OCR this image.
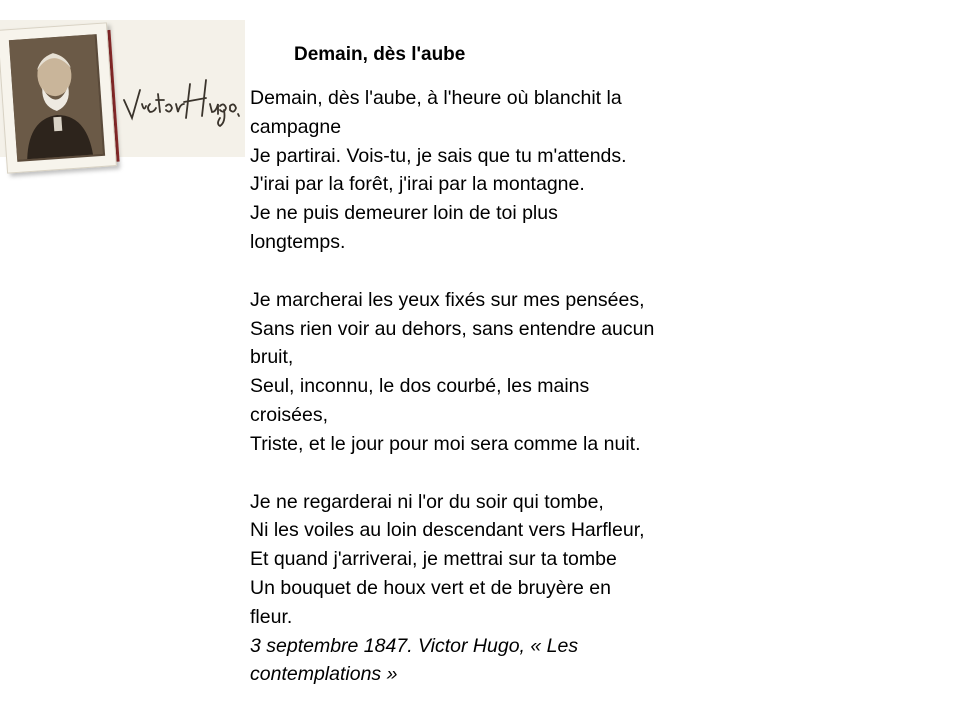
Demain, dès l'aube
Demain, dès l'aube, à l'heure où blanchit la
campagne
Je partirai. Vois-tu, je sais que tu m'attends.
J'irai par la forêt, j'irai par la montagne.
Je ne puis demeurer loin de toi plus
longtemps.
Je marcherai les yeux fixés sur mes pensées,
Sans rien voir au dehors, sans entendre aucun
bruit,
Seul, inconnu, le dos courbé, les mains
croisées,
Triste, et le jour pour moi sera comme la nuit.
Je ne regarderai ni l'or du soir qui tombe,
Ni les voiles au loin descendant vers Harfleur,
Et quand j'arriverai, je mettrai sur ta tombe
Un bouquet de houx vert et de bruyère en
fleur.
3 septembre 1847. Victor Hugo, « Les
contemplations »
